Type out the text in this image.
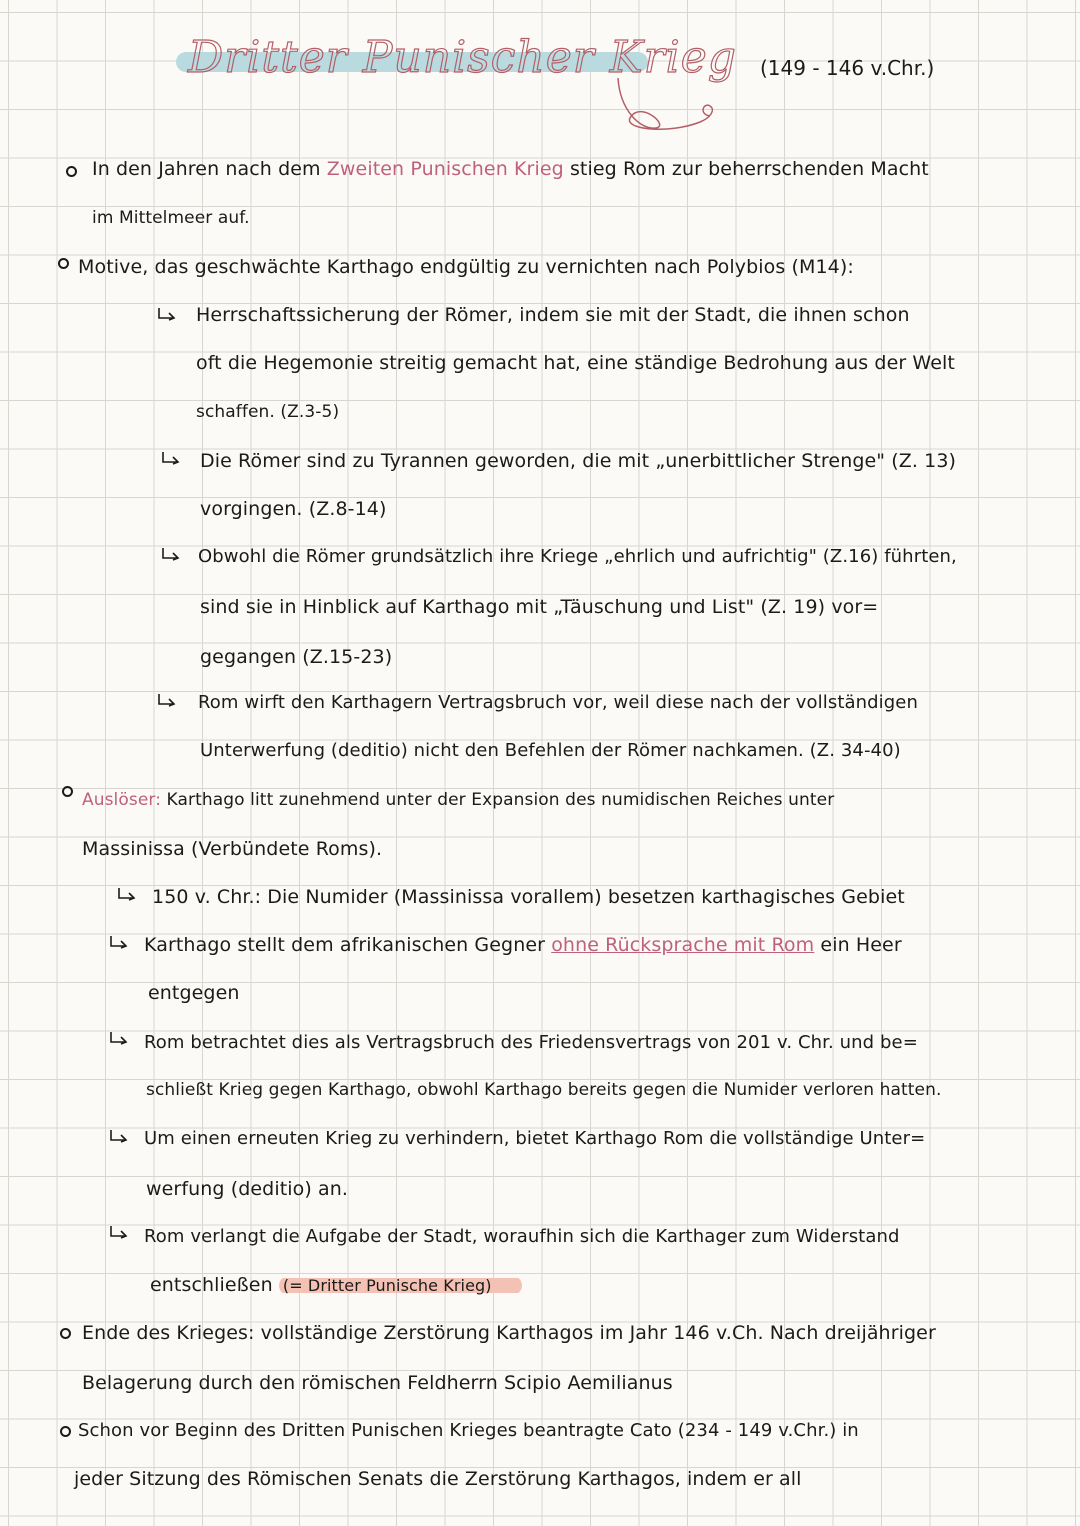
Dritter Punischer Krieg (149 - 146 v.Chr.)
In den Jahren nach dem Zweiten Punischen Krieg stieg Rom zur beherrschenden Macht
im Mittelmeer auf.
Motive, das geschwächte Karthago endgültig zu vernichten nach Polybios (M14):
Herrschaftssicherung der Römer, indem sie mit der Stadt, die ihnen schon
oft die Hegemonie streitig gemacht hat, eine ständige Bedrohung aus der Welt
schaffen. (Z.3-5)
Die Römer sind zu Tyrannen geworden, die mit „unerbittlicher Strenge" (Z. 13)
vorgingen. (Z.8-14)
Obwohl die Römer grundsätzlich ihre Kriege „ehrlich und aufrichtig" (Z.16) führten,
sind sie in Hinblick auf Karthago mit „Täuschung und List" (Z. 19) vor=
gegangen (Z.15-23)
Rom wirft den Karthagern Vertragsbruch vor, weil diese nach der vollständigen
Unterwerfung (deditio) nicht den Befehlen der Römer nachkamen. (Z. 34-40)
Auslöser: Karthago litt zunehmend unter der Expansion des numidischen Reiches unter
Massinissa (Verbündete Roms).
150 v. Chr.: Die Numider (Massinissa vorallem) besetzen karthagisches Gebiet
Karthago stellt dem afrikanischen Gegner ohne Rücksprache mit Rom ein Heer
entgegen
Rom betrachtet dies als Vertragsbruch des Friedensvertrags von 201 v. Chr. und be=
schließt Krieg gegen Karthago, obwohl Karthago bereits gegen die Numider verloren hatten.
Um einen erneuten Krieg zu verhindern, bietet Karthago Rom die vollständige Unter=
werfung (deditio) an.
Rom verlangt die Aufgabe der Stadt, woraufhin sich die Karthager zum Widerstand
entschließen (= Dritter Punische Krieg)
Ende des Krieges: vollständige Zerstörung Karthagos im Jahr 146 v.Ch. Nach dreijähriger
Belagerung durch den römischen Feldherrn Scipio Aemilianus
Schon vor Beginn des Dritten Punischen Krieges beantragte Cato (234 - 149 v.Chr.) in
jeder Sitzung des Römischen Senats die Zerstörung Karthagos, indem er all
